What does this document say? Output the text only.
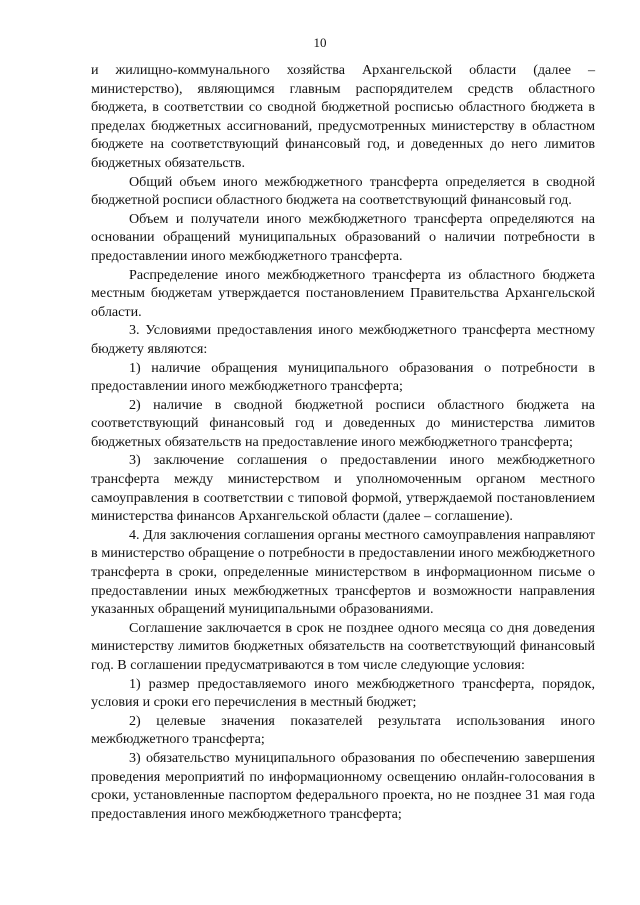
10

и жилищно-коммунального хозяйства Архангельской области (далее – министерство), являющимся главным распорядителем средств областного бюджета, в соответствии со сводной бюджетной росписью областного бюджета в пределах бюджетных ассигнований, предусмотренных министерству в областном бюджете на соответствующий финансовый год, и доведенных до него лимитов бюджетных обязательств.

Общий объем иного межбюджетного трансферта определяется в сводной бюджетной росписи областного бюджета на соответствующий финансовый год.

Объем и получатели иного межбюджетного трансферта определяются на основании обращений муниципальных образований о наличии потребности в предоставлении иного межбюджетного трансферта.

Распределение иного межбюджетного трансферта из областного бюджета местным бюджетам утверждается постановлением Правительства Архангельской области.

3. Условиями предоставления иного межбюджетного трансферта местному бюджету являются:

1) наличие обращения муниципального образования о потребности в предоставлении иного межбюджетного трансферта;

2) наличие в сводной бюджетной росписи областного бюджета на соответствующий финансовый год и доведенных до министерства лимитов бюджетных обязательств на предоставление иного межбюджетного трансферта;

3) заключение соглашения о предоставлении иного межбюджетного трансферта между министерством и уполномоченным органом местного самоуправления в соответствии с типовой формой, утверждаемой постановлением министерства финансов Архангельской области (далее – соглашение).

4. Для заключения соглашения органы местного самоуправления направляют в министерство обращение о потребности в предоставлении иного межбюджетного трансферта в сроки, определенные министерством в информационном письме о предоставлении иных межбюджетных трансфертов и возможности направления указанных обращений муниципальными образованиями.

Соглашение заключается в срок не позднее одного месяца со дня доведения министерству лимитов бюджетных обязательств на соответствующий финансовый год. В соглашении предусматриваются в том числе следующие условия:

1) размер предоставляемого иного межбюджетного трансферта, порядок, условия и сроки его перечисления в местный бюджет;

2) целевые значения показателей результата использования иного межбюджетного трансферта;

3) обязательство муниципального образования по обеспечению завершения проведения мероприятий по информационному освещению онлайн-голосования в сроки, установленные паспортом федерального проекта, но не позднее 31 мая года предоставления иного межбюджетного трансферта;
